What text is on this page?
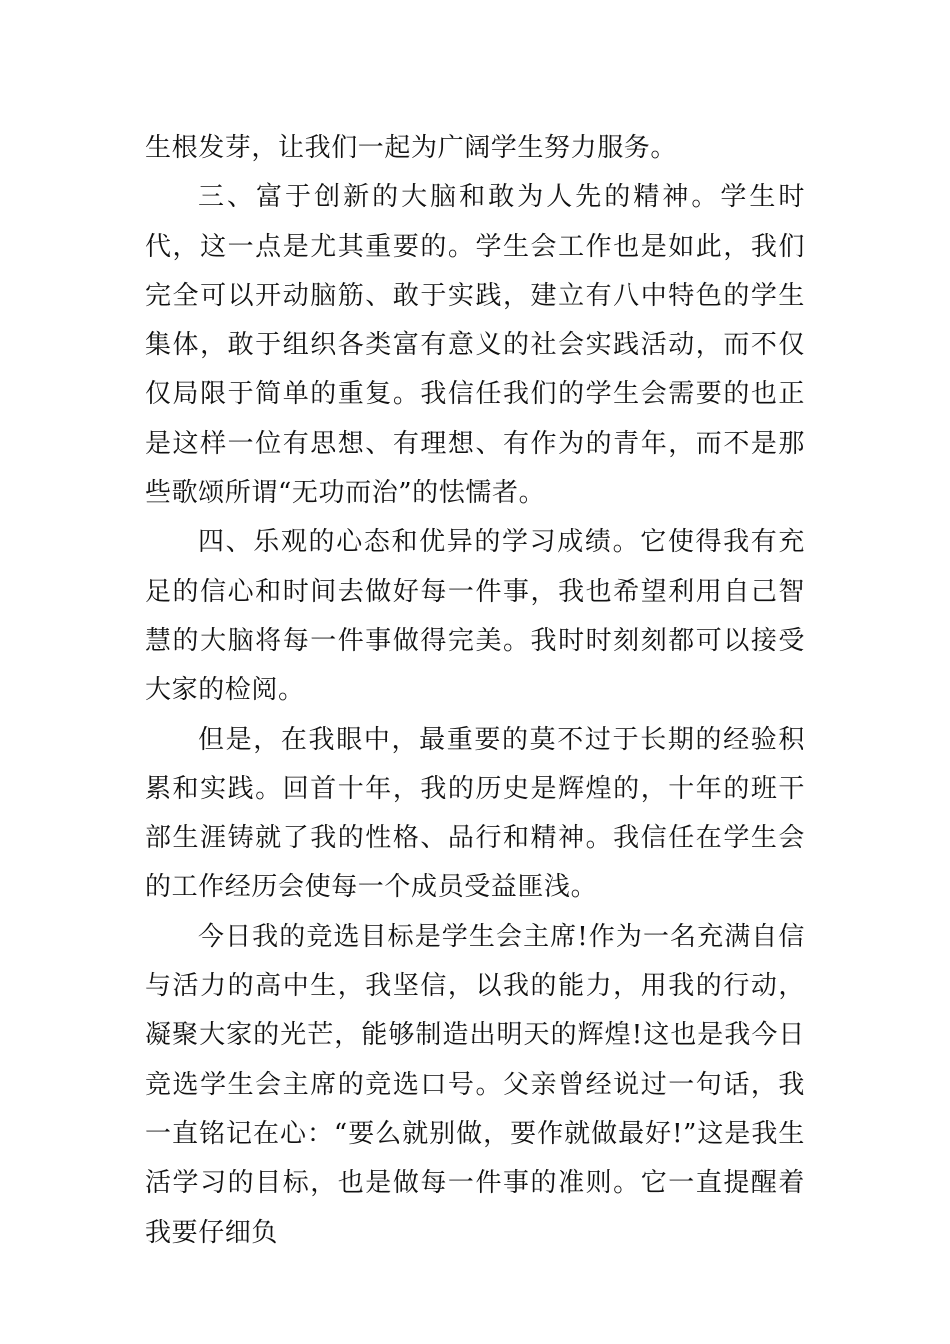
生根发芽，让我们一起为广阔学生努力服务。

三、富于创新的大脑和敢为人先的精神。学生时代，这一点是尤其重要的。学生会工作也是如此，我们完全可以开动脑筋、敢于实践，建立有八中特色的学生集体，敢于组织各类富有意义的社会实践活动，而不仅仅局限于简单的重复。我信任我们的学生会需要的也正是这样一位有思想、有理想、有作为的青年，而不是那些歌颂所谓“无功而治”的怯懦者。

四、乐观的心态和优异的学习成绩。它使得我有充足的信心和时间去做好每一件事，我也希望利用自己智慧的大脑将每一件事做得完美。我时时刻刻都可以接受大家的检阅。

但是，在我眼中，最重要的莫不过于长期的经验积累和实践。回首十年，我的历史是辉煌的，十年的班干部生涯铸就了我的性格、品行和精神。我信任在学生会的工作经历会使每一个成员受益匪浅。

今日我的竞选目标是学生会主席!作为一名充满自信与活力的高中生，我坚信，以我的能力，用我的行动，凝聚大家的光芒，能够制造出明天的辉煌!这也是我今日竞选学生会主席的竞选口号。父亲曾经说过一句话，我一直铭记在心：“要么就别做，要作就做最好!”这是我生活学习的目标，也是做每一件事的准则。它一直提醒着我要仔细负
